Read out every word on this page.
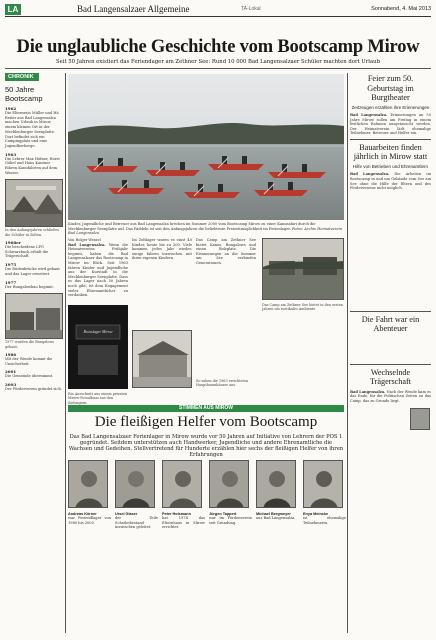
LA	Bad Langensalzaer Allgemeine	TA-Lokal	Sonnabend, 4. Mai 2013
Die unglaubliche Geschichte vom Bootscamp Mirow
Seit 50 Jahren existiert das Feriendager am Zethner See: Rund 10 000 Bad Langensalzaer Schüler machten dort Urlaub
CHRONIK
50 Jahre
Bootscamp
1962
Die Elternrats Müller und Hä Reiter aus Bad Langensalza machen Urlaub in Mirow, einem kleinen Ort in der Mecklenburger Seenplatte. Dort befindet sich ein Campingplatz und eine Jugendherberge.
1963
Die Lehrer Max Höfner, Horst Göbel und Hans Kantner führen Kanufahrten auf dem Wasser.
In den Anfangsjahren schliefen die Schüler in Zelten.
1968er
Die bescheidene LPG Schwarzbach erhält die Trägerschaft.
1975
Die Rüdenbrücke wird gebaut und das Lager erweitert.
1977
Der Bungalowbau beginnt.
1977 wurden die Bungalows gebaut.
1986
Mit der Wende kommt die Unsicherheit.
2001
Die Gemeinde übernimmt.
2003
Der Förderverein gründet sich.
Kinder, Jugendliche und Betreuer aus Bad Langensalza brechen im Sommer 2000 vom Bootscamp Mirow zu einer Kanusafari durch die Mecklenburger Seenplatte auf. Das Paddeln ist seit den Anfangsjahren die beliebteste Freizeitmöglichkeit im Ferienlager. Fotos: Archiv Heimatverein Bad Langensalza
Feier zum 50. Geburtstag im Burgtheater
Zeitzeugen erzählen ihre Erinnerungen
Bad Langensalza. Erinnerungen an 50 Jahre Mirow sollen am Freitag in einem festlichen Rahmen ausgetauscht werden. Der Heimatverein lädt ehemalige Teilnehmer, Betreuer und Helfer ein.
Bauarbeiten finden jährlich in Mirow statt
Hilfe von Betrieben und Ehrenamtlern
Bad Langensalza. Die Arbeiten im Bootscamp in und um Gebäude vom See am See ohne die Hilfe der Eltern und des Fördervereins nicht möglich.
Die Fahrt war ein Abenteuer
Wechselnde Trägerschaft
Bad Langensalza. Nach der Wende kam es das Ende, für die Politischen Zeiten zu das Camp, das zu Grunde liegt.
Von Holger Wenzel
Bad Langensalza. Wenn die Heimatvereins Frühjahr beginnt, haben die Bad Langensalzaer das Bootscamp in Mirow im Blick. Seit 1963 fahren Kinder und Jugendliche aus der Kurstadt in die Mecklenburger Seenplatte. Dass es das Lager nach 50 Jahren noch gibt, ist dem Engagement vieler Ehrenamtlicher zu verdanken.
Im Zeltlager waren es einst 40 Kinder, heute bis zu 200. Viele kommen jedes Jahr wieder, einige fahren inzwischen mit ihren eigenen Kindern.
Das Camp am Zethner See bietet Kanus, Bungalows und einen Bolzplatz. Die Erinnerungen an die Sommer am See verbinden Generationen.
Das Camp am Zethner See bietet in den ersten Jahren ein rustikales Ambiente.
Bootslager Mirow
Ein Ausschnitt aus einem privaten Mirow-Fotoalbum aus den Siebzigern.
So sahen die 1963 errichteten Hauptbaumhäuser aus.
STIMMEN AUS MIROW
Die fleißigen Helfer vom Bootscamp
Das Bad Langensalzaer Ferienlager in Mirow wurde vor 50 Jahren auf Initiative von Lehrern der POS 1 gegründet. Seitdem unterstützen auch Handwerker, Jugendliche und andere Ehrenamtliche die Wachsen und Gedeihen. Stellvertretend für Hunderte erzählen hier sechs der fleißigen Helfer von ihren Erfahrungen
Andreas Körner
war Feriendlager von 1980 bis 2005.
Ursel Glaser
der Teile Scheibebestand inzwischen geleitet.
Peter Holsmann
hat 1974 das Elternhaus in Mirow errichtet.
Jürgen Tappert
war im Fördenverein seit Gründung.
Michael Bergmeyer
aus Bad Langensalza.
Enya Meincke
ist ehemalige Teilnehmerin.
